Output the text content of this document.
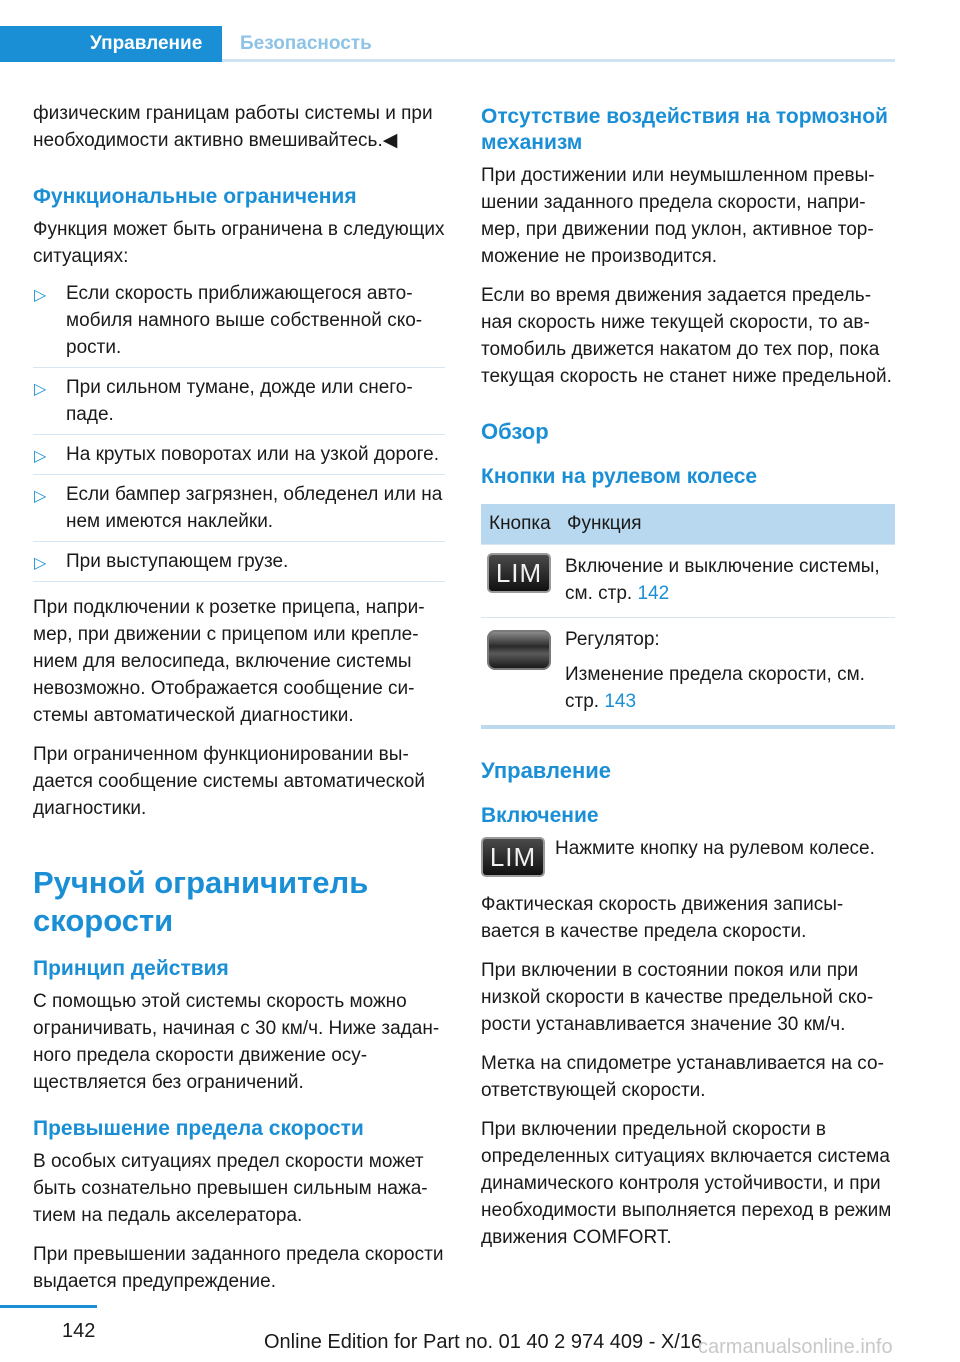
Управление	Безопасность

физическим границам работы системы и при необходимости активно вмешивайтесь.◀

Функциональные ограничения

Функция может быть ограничена в следующих ситуациях:

▷ Если скорость приближающегося автомобиля намного выше собственной скорости.
▷ При сильном тумане, дожде или снегопаде.
▷ На крутых поворотах или на узкой дороге.
▷ Если бампер загрязнен, обледенел или на нем имеются наклейки.
▷ При выступающем грузе.

При подключении к розетке прицепа, например, при движении с прицепом или креплением для велосипеда, включение системы невозможно. Отображается сообщение системы автоматической диагностики.

При ограниченном функционировании выдается сообщение системы автоматической диагностики.

Ручной ограничитель скорости
Принцип действия

С помощью этой системы скорость можно ограничивать, начиная с 30 км/ч. Ниже заданного предела скорости движение осуществляется без ограничений.

Превышение предела скорости

В особых ситуациях предел скорости может быть сознательно превышен сильным нажатием на педаль акселератора.

При превышении заданного предела скорости выдается предупреждение.

Отсутствие воздействия на тормозной механизм

При достижении или неумышленном превышении заданного предела скорости, например, при движении под уклон, активное торможение не производится.

Если во время движения задается предельная скорость ниже текущей скорости, то автомобиль движется накатом до тех пор, пока текущая скорость не станет ниже предельной.

Обзор
Кнопки на рулевом колесе
Кнопка	Функция

LIM	Включение и выключение системы, см. стр. 142

	Регулятор:
Изменение предела скорости, см. стр. 143
Управление
Включение
LIM Нажмите кнопку на рулевом колесе.

Фактическая скорость движения записывается в качестве предела скорости.

При включении в состоянии покоя или при низкой скорости в качестве предельной скорости устанавливается значение 30 км/ч.

Метка на спидометре устанавливается на соответствующей скорости.

При включении предельной скорости в определенных ситуациях включается система динамического контроля устойчивости, и при необходимости выполняется переход в режим движения COMFORT.

142	Online Edition for Part no. 01 40 2 974 409 - X/16
carmanualsonline.info
